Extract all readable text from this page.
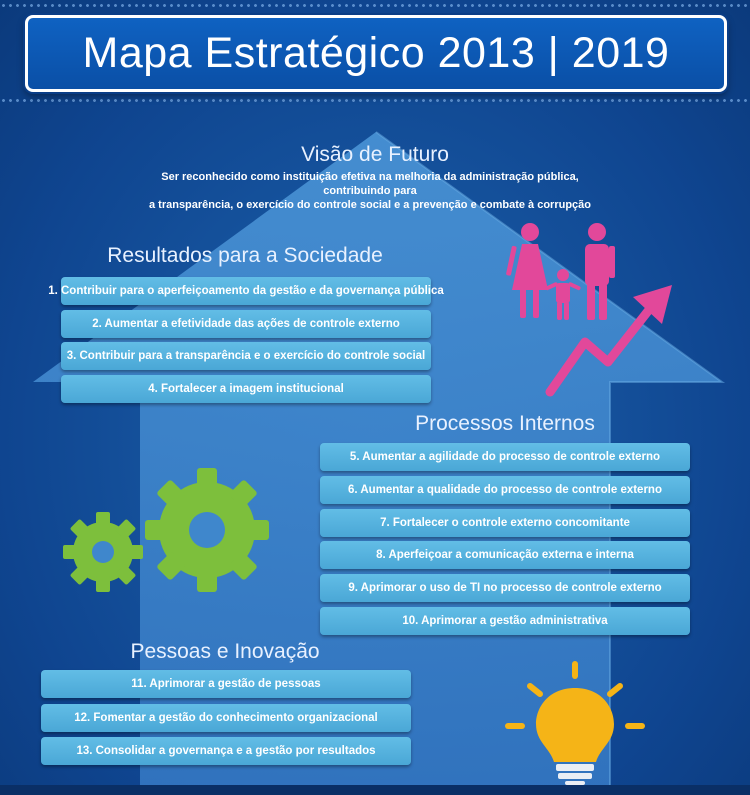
Mapa Estratégico 2013 | 2019
Visão de Futuro
Ser reconhecido como instituição efetiva na melhoria da administração pública, contribuindo para
a transparência, o exercício do controle social e a prevenção e combate à corrupção
Resultados para a Sociedade
1. Contribuir para o aperfeiçoamento da gestão e da governança pública
2. Aumentar a efetividade das ações de controle externo
3. Contribuir para a transparência e o exercício do controle social
4. Fortalecer a imagem institucional
Processos Internos
5. Aumentar a agilidade do processo de controle externo
6. Aumentar a qualidade do processo de controle externo
7. Fortalecer o controle externo concomitante
8. Aperfeiçoar a comunicação externa e interna
9. Aprimorar o uso de TI no processo de controle externo
10. Aprimorar a gestão administrativa
Pessoas e Inovação
11. Aprimorar a gestão de pessoas
12. Fomentar a gestão do conhecimento organizacional
13. Consolidar a governança e a gestão por resultados
